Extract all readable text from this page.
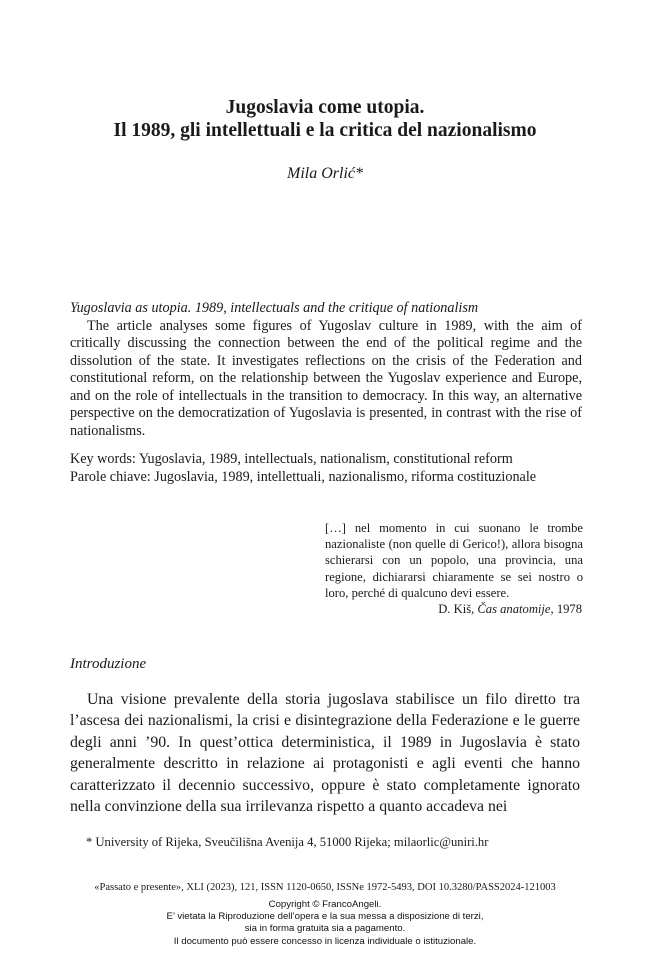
Jugoslavia come utopia.
Il 1989, gli intellettuali e la critica del nazionalismo
Mila Orlić*
Yugoslavia as utopia. 1989, intellectuals and the critique of nationalism

The article analyses some figures of Yugoslav culture in 1989, with the aim of critically discussing the connection between the end of the political regime and the dissolution of the state. It investigates reflections on the crisis of the Federation and constitutional reform, on the relationship between the Yugoslav experience and Europe, and on the role of intellectuals in the transition to democracy. In this way, an alternative perspective on the democratization of Yugoslavia is presented, in contrast with the rise of nationalisms.

Key words: Yugoslavia, 1989, intellectuals, nationalism, constitutional reform
Parole chiave: Jugoslavia, 1989, intellettuali, nazionalismo, riforma costituzionale

[…] nel momento in cui suonano le trombe nazionaliste (non quelle di Gerico!), allora bisogna schierarsi con un popolo, una provincia, una regione, dichiararsi chiaramente se sei nostro o loro, perché di qualcuno devi essere.

D. Kiš, Čas anatomije, 1978
Introduzione

Una visione prevalente della storia jugoslava stabilisce un filo diretto tra l’ascesa dei nazionalismi, la crisi e disintegrazione della Federazione e le guerre degli anni ’90. In quest’ottica deterministica, il 1989 in Jugoslavia è stato generalmente descritto in relazione ai protagonisti e agli eventi che hanno caratterizzato il decennio successivo, oppure è stato completamente ignorato nella convinzione della sua irrilevanza rispetto a quanto accadeva nei

* University of Rijeka, Sveučilišna Avenija 4, 51000 Rijeka; milaorlic@uniri.hr
«Passato e presente», XLI (2023), 121, ISSN 1120-0650, ISSNe 1972-5493, DOI 10.3280/PASS2024-121003
Copyright © FrancoAngeli.
E’ vietata la Riproduzione dell’opera e la sua messa a disposizione di terzi,
sia in forma gratuita sia a pagamento.
Il documento può essere concesso in licenza individuale o istituzionale.
